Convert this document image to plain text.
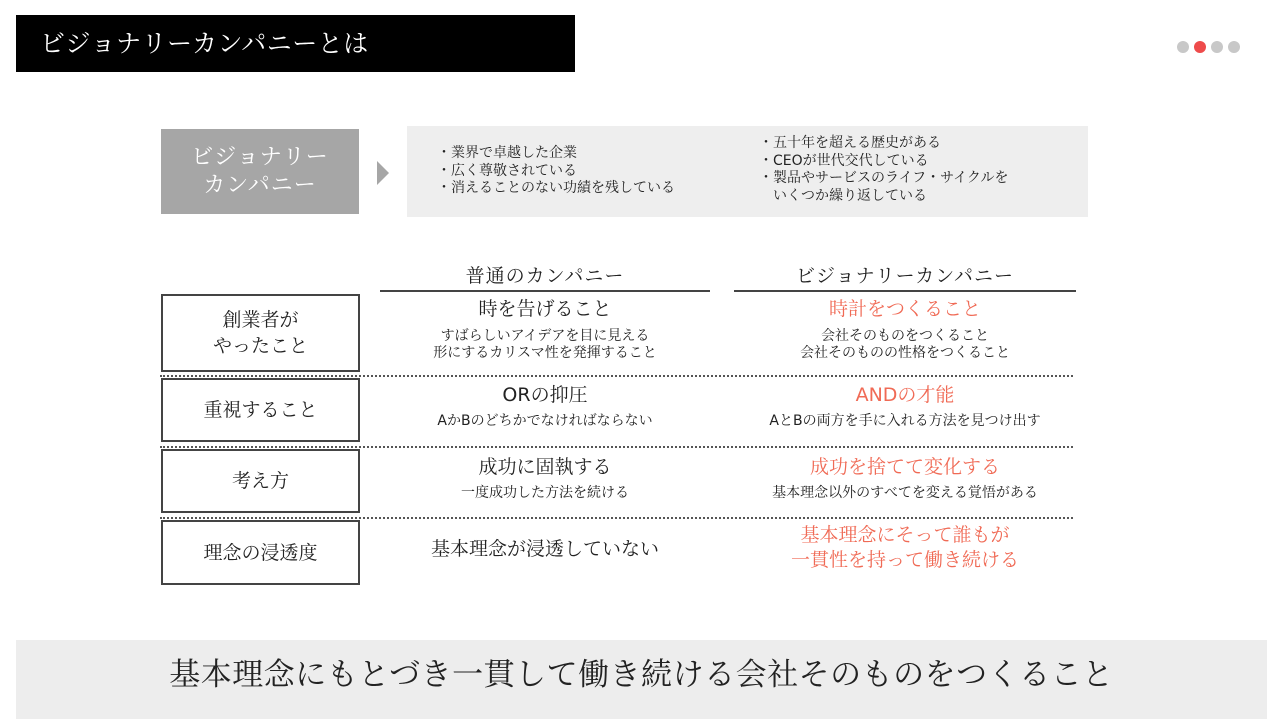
ビジョナリーカンパニーとは
ビジョナリー
カンパニー
・業界で卓越した企業
・広く尊敬されている
・消えることのない功績を残している
・五十年を超える歴史がある
・CEOが世代交代している
・製品やサービスのライフ・サイクルを
　いくつか繰り返している
普通のカンパニー	ビジョナリーカンパニー
創業者が
やったこと
時を告げること
すばらしいアイデアを目に見える
形にするカリスマ性を発揮すること
時計をつくること
会社そのものをつくること
会社そのものの性格をつくること
重視すること
ORの抑圧
AかBのどちかでなければならない
ANDの才能
AとBの両方を手に入れる方法を見つけ出す
考え方
成功に固執する
一度成功した方法を続ける
成功を捨てて変化する
基本理念以外のすべてを変える覚悟がある
理念の浸透度	基本理念が浸透していない
基本理念にそって誰もが
一貫性を持って働き続ける
基本理念にもとづき一貫して働き続ける会社そのものをつくること
